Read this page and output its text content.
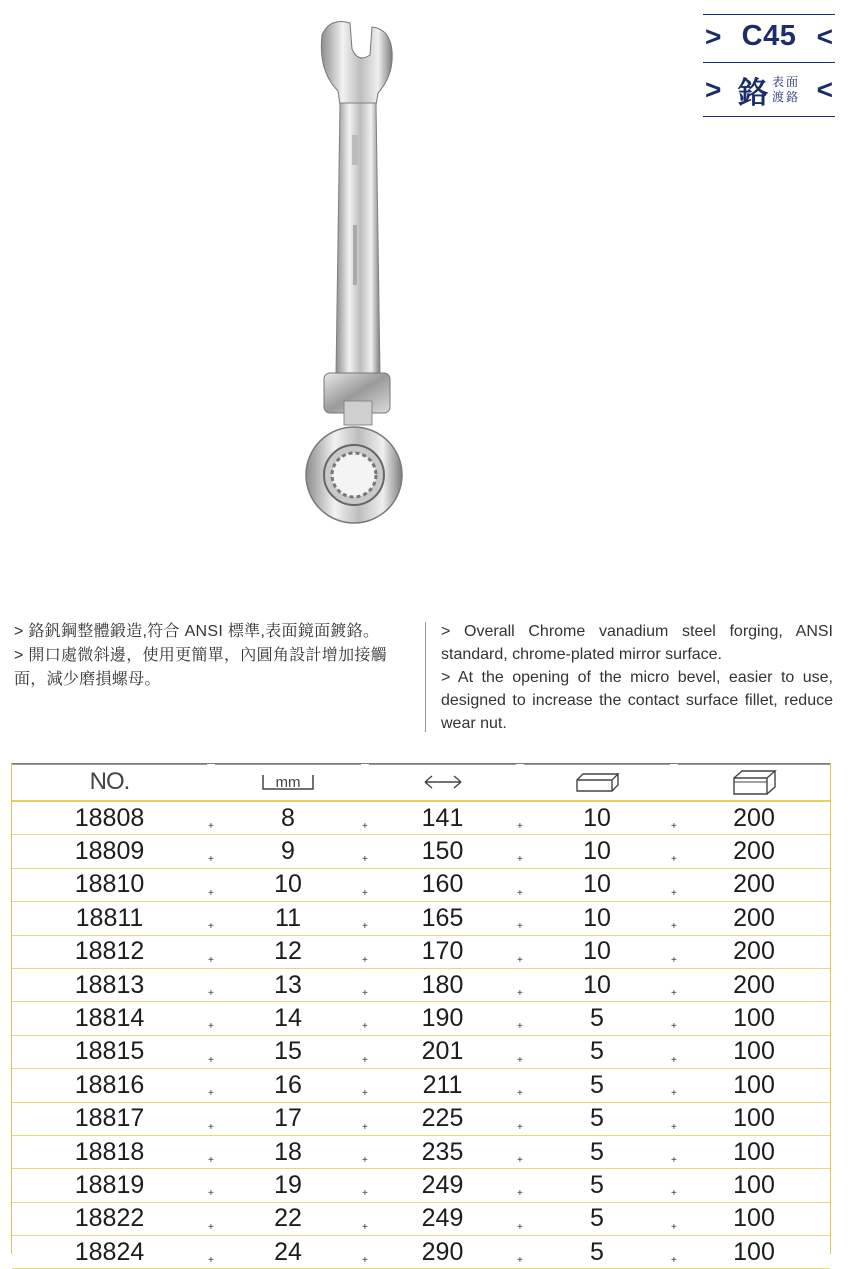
> C45 <
> 鉻 表面
渡鉻 <

> 鉻釩鋼整體鍛造,符合 ANSI 標準,表面鏡面鍍鉻。

> 開口處微斜邊，使用更簡單，內圓角設計增加接觸面，減少磨損螺母。

> Overall Chrome vanadium steel forging, ANSI standard, chrome-plated mirror surface.

> At the opening of the micro bevel, easier to use, designed to increase the contact surface fillet, reduce wear nut.

NO.	mm
18808	8	141	10	200
+	+	+	+
18809	9	150	10	200
+	+	+	+
18810	10	160	10	200
+	+	+	+
18811	11	165	10	200
+	+	+	+
18812	12	170	10	200
+	+	+	+
18813	13	180	10	200
+	+	+	+
18814	14	190	5	100
+	+	+	+
18815	15	201	5	100
+	+	+	+
18816	16	211	5	100
+	+	+	+
18817	17	225	5	100
+	+	+	+
18818	18	235	5	100
+	+	+	+
18819	19	249	5	100
+	+	+	+
18822	22	249	5	100
+	+	+	+
18824	24	290	5	100
+	+	+	+
